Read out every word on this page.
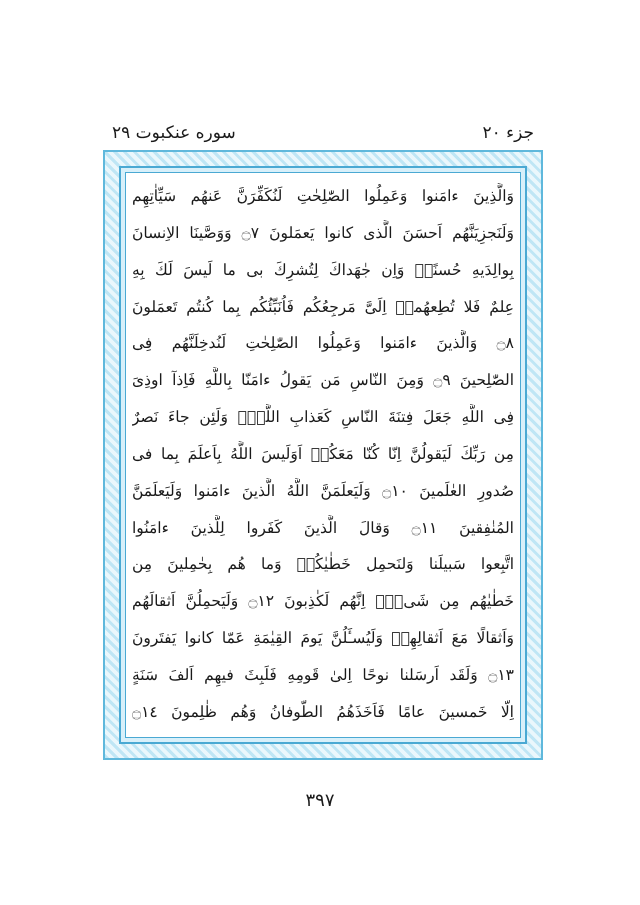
جزء ٢٠
سوره عنكبوت ٢٩
وَالَّذِينَ ءامَنوا وَعَمِلُوا الصّٰلِحٰتِ لَنُكَفِّرَنَّ عَنهُم سَيِّاٰتِهِم
وَلَنَجزِيَنَّهُم اَحسَنَ الَّذى كانوا يَعمَلونَ ۝٧ وَوَصَّينَا الاِنسانَ
بِوالِدَيهِ حُسنًاۖ وَاِن جٰهَداكَ لِتُشرِكَ بى ما لَيسَ لَكَ بِهِ
عِلمٌ فَلا تُطِعهُمآۚ اِلَىَّ مَرجِعُكُم فَاُنَبِّئُكُم بِما كُنتُم تَعمَلونَ
۝٨ وَالَّذينَ ءامَنوا وَعَمِلُوا الصّٰلِحٰتِ لَنُدخِلَنَّهُم فِى
الصّٰلِحينَ ۝٩ وَمِنَ النّاسِ مَن يَقولُ ءامَنّا بِاللَّهِ فَاِذآ اوذِىَ
فِى اللَّهِ جَعَلَ فِتنَةَ النّاسِ كَعَذابِ اللَّهِۖ وَلَئِن جاءَ نَصرٌ
مِن رَبِّكَ لَيَقولُنَّ اِنّا كُنّا مَعَكُمۚ اَوَلَيسَ اللَّهُ بِاَعلَمَ بِما فى
صُدورِ العٰلَمينَ ۝١٠ وَلَيَعلَمَنَّ اللَّهُ الَّذينَ ءامَنوا وَلَيَعلَمَنَّ
المُنٰفِقينَ ۝١١ وَقالَ الَّذينَ كَفَروا لِلَّذينَ ءامَنُوا
اتَّبِعوا سَبيلَنا وَلنَحمِل خَطٰيٰكُمۚ وَما هُم بِحٰمِلينَ مِن
خَطٰيٰهُم مِن شَىءٍۖ اِنَّهُم لَكٰذِبونَ ۝١٢ وَلَيَحمِلُنَّ اَثقالَهُم
وَاَثقالًا مَعَ اَثقالِهِمۖ وَلَيُسـَٔلُنَّ يَومَ القِيٰمَةِ عَمّا كانوا يَفتَرونَ
۝١٣ وَلَقَد اَرسَلنا نوحًا اِلىٰ قَومِهِ فَلَبِثَ فيهِم اَلفَ سَنَةٍ
اِلّا خَمسينَ عامًا فَاَخَذَهُمُ الطّوفانُ وَهُم ظٰلِمونَ ۝١٤
٣٩٧
